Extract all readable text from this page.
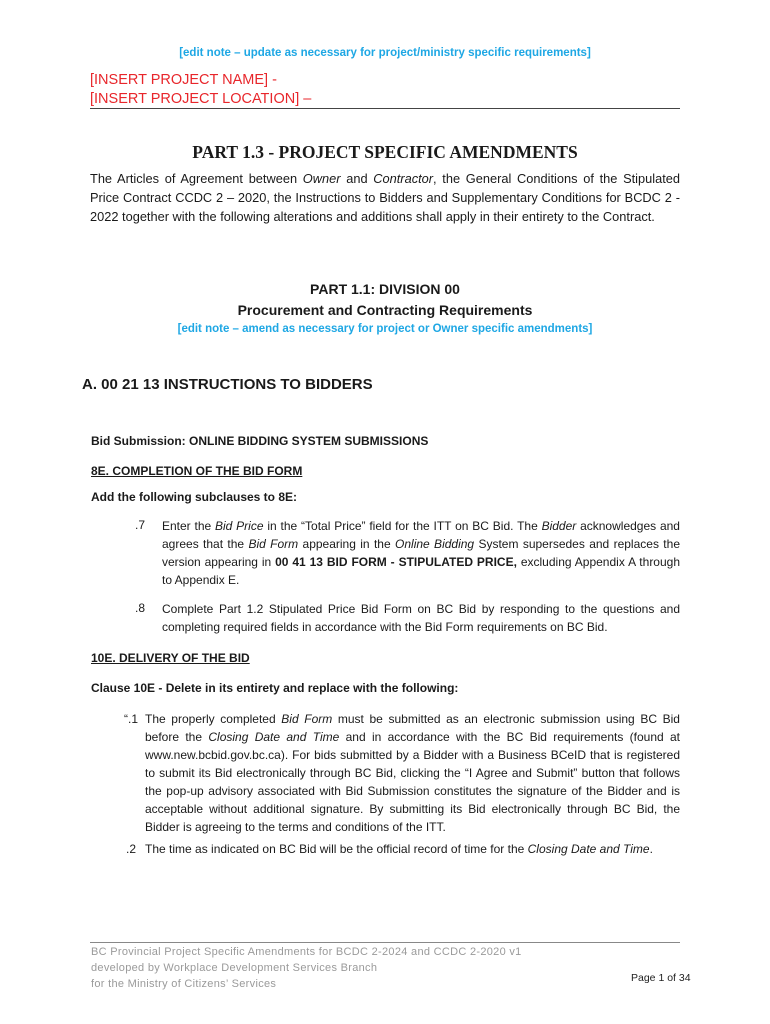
[edit note – update as necessary for project/ministry specific requirements]
[INSERT PROJECT NAME] -
[INSERT PROJECT LOCATION] –
PART 1.3 - PROJECT SPECIFIC AMENDMENTS
The Articles of Agreement between Owner and Contractor, the General Conditions of the Stipulated Price Contract CCDC 2 – 2020, the Instructions to Bidders and Supplementary Conditions for BCDC 2 - 2022 together with the following alterations and additions shall apply in their entirety to the Contract.
PART 1.1: DIVISION 00
Procurement and Contracting Requirements
[edit note – amend as necessary for project or Owner specific amendments]
A. 00 21 13 INSTRUCTIONS TO BIDDERS
Bid Submission: ONLINE BIDDING SYSTEM SUBMISSIONS
8E. COMPLETION OF THE BID FORM
Add the following subclauses to 8E:
.7 Enter the Bid Price in the “Total Price” field for the ITT on BC Bid. The Bidder acknowledges and agrees that the Bid Form appearing in the Online Bidding System supersedes and replaces the version appearing in 00 41 13 BID FORM - STIPULATED PRICE, excluding Appendix A through to Appendix E.
.8 Complete Part 1.2 Stipulated Price Bid Form on BC Bid by responding to the questions and completing required fields in accordance with the Bid Form requirements on BC Bid.
10E. DELIVERY OF THE BID
Clause 10E - Delete in its entirety and replace with the following:
“.1 The properly completed Bid Form must be submitted as an electronic submission using BC Bid before the Closing Date and Time and in accordance with the BC Bid requirements (found at www.new.bcbid.gov.bc.ca). For bids submitted by a Bidder with a Business BCeID that is registered to submit its Bid electronically through BC Bid, clicking the “I Agree and Submit” button that follows the pop-up advisory associated with Bid Submission constitutes the signature of the Bidder and is acceptable without additional signature. By submitting its Bid electronically through BC Bid, the Bidder is agreeing to the terms and conditions of the ITT.
.2 The time as indicated on BC Bid will be the official record of time for the Closing Date and Time.
BC Provincial Project Specific Amendments for BCDC 2-2024 and CCDC 2-2020 v1
developed by Workplace Development Services Branch
for the Ministry of Citizens’ Services	Page 1 of 34
